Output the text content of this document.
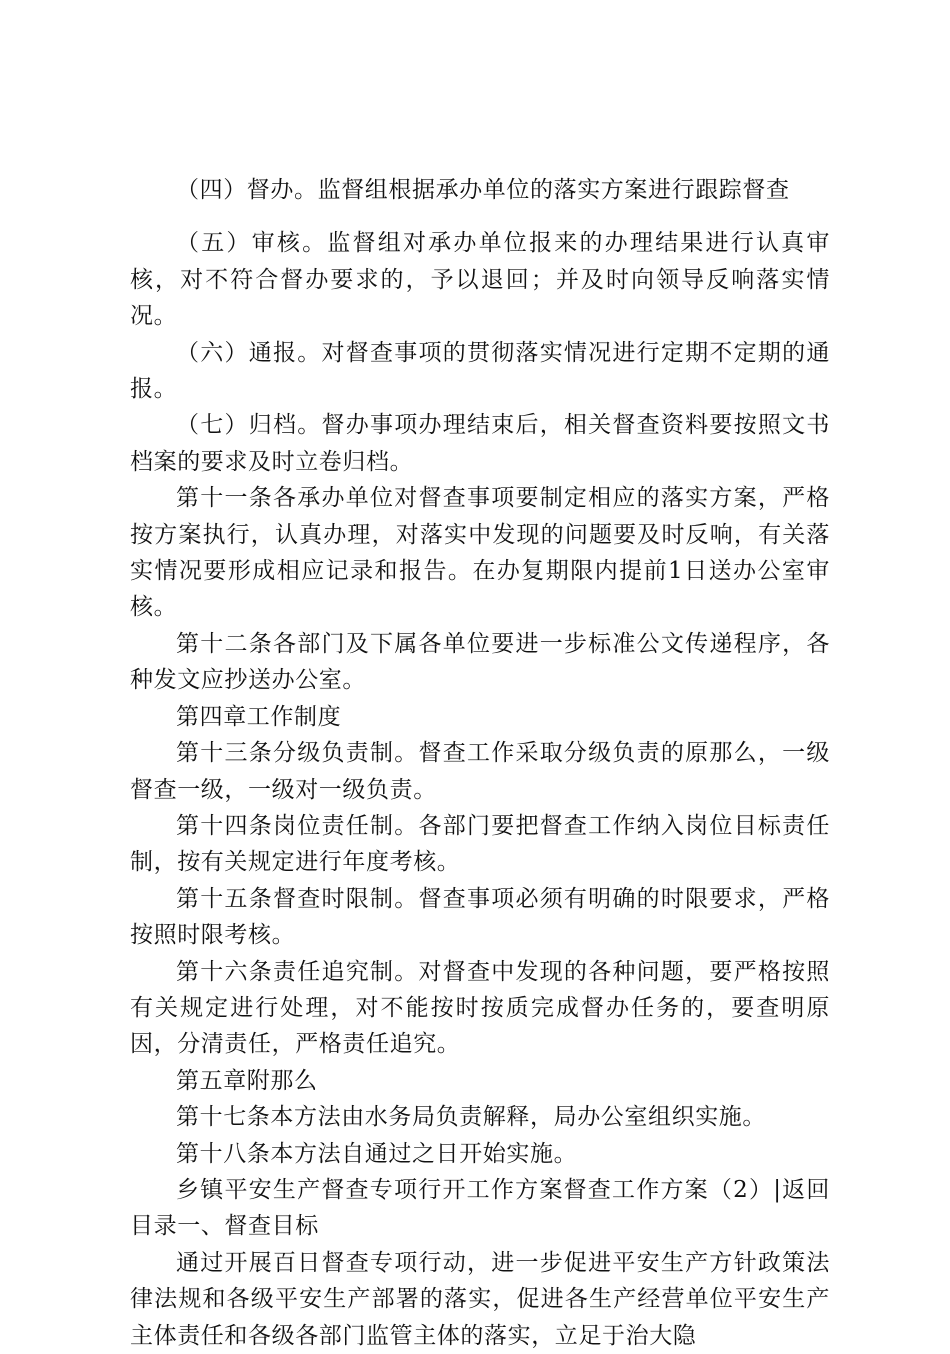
（四）督办。监督组根据承办单位的落实方案进行跟踪督查

（五）审核。监督组对承办单位报来的办理结果进行认真审核，对不符合督办要求的，予以退回；并及时向领导反响落实情况。

（六）通报。对督查事项的贯彻落实情况进行定期不定期的通报。

（七）归档。督办事项办理结束后，相关督查资料要按照文书档案的要求及时立卷归档。

第十一条各承办单位对督查事项要制定相应的落实方案，严格按方案执行，认真办理，对落实中发现的问题要及时反响，有关落实情况要形成相应记录和报告。在办复期限内提前1日送办公室审核。

第十二条各部门及下属各单位要进一步标准公文传递程序，各种发文应抄送办公室。

第四章工作制度

第十三条分级负责制。督查工作采取分级负责的原那么，一级督查一级，一级对一级负责。

第十四条岗位责任制。各部门要把督查工作纳入岗位目标责任制，按有关规定进行年度考核。

第十五条督查时限制。督查事项必须有明确的时限要求，严格按照时限考核。

第十六条责任追究制。对督查中发现的各种问题，要严格按照有关规定进行处理，对不能按时按质完成督办任务的，要查明原因，分清责任，严格责任追究。

第五章附那么

第十七条本方法由水务局负责解释，局办公室组织实施。

第十八条本方法自通过之日开始实施。

乡镇平安生产督查专项行开工作方案督查工作方案（2）|返回目录一、督查目标

通过开展百日督查专项行动，进一步促进平安生产方针政策法律法规和各级平安生产部署的落实，促进各生产经营单位平安生产主体责任和各级各部门监管主体的落实，立足于治大隐
